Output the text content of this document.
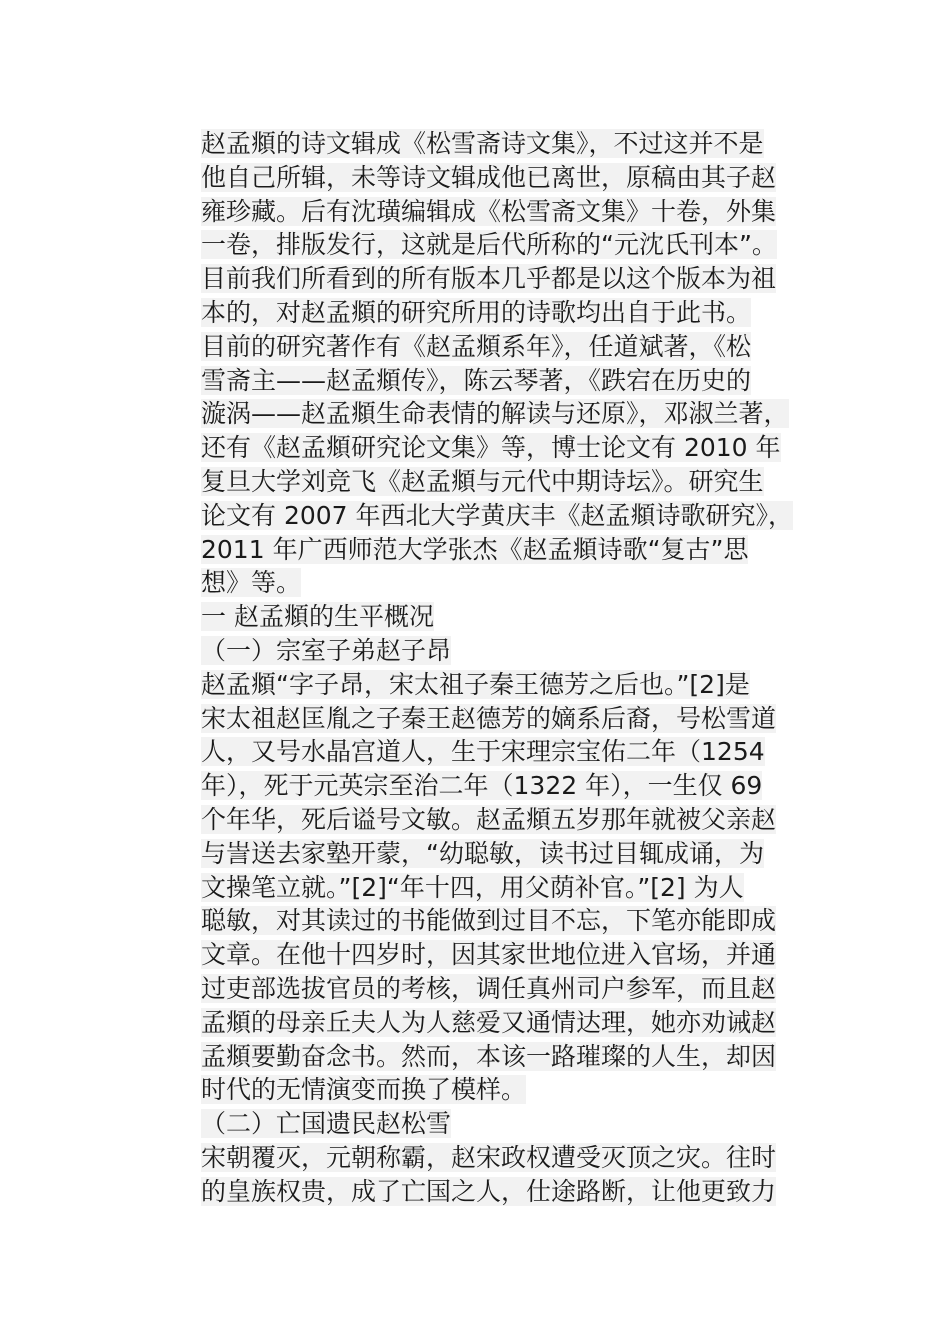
赵孟頫的诗文辑成《松雪斋诗文集》，不过这并不是
他自己所辑，未等诗文辑成他已离世，原稿由其子赵
雍珍藏。后有沈璜编辑成《松雪斋文集》十卷，外集
一卷，排版发行，这就是后代所称的“元沈氏刊本”。
目前我们所看到的所有版本几乎都是以这个版本为祖
本的，对赵孟頫的研究所用的诗歌均出自于此书。
目前的研究著作有《赵孟頫系年》，任道斌著，《松
雪斋主——赵孟頫传》，陈云琴著，《跌宕在历史的
漩涡——赵孟頫生命表情的解读与还原》，邓淑兰著，
还有《赵孟頫研究论文集》等，博士论文有 2010 年
复旦大学刘竞飞《赵孟頫与元代中期诗坛》。研究生
论文有 2007 年西北大学黄庆丰《赵孟頫诗歌研究》，
2011 年广西师范大学张杰《赵孟頫诗歌“复古”思
想》等。
一 赵孟頫的生平概况
（一）宗室子弟赵子昂
赵孟頫“字子昂，宋太祖子秦王德芳之后也。”[2]是
宋太祖赵匡胤之子秦王赵德芳的嫡系后裔，号松雪道
人，又号水晶宫道人，生于宋理宗宝佑二年（1254
年），死于元英宗至治二年（1322 年），一生仅 69
个年华，死后谥号文敏。赵孟頫五岁那年就被父亲赵
与訔送去家塾开蒙，“幼聪敏，读书过目辄成诵，为
文操笔立就。”[2]“年十四，用父荫补官。”[2] 为人
聪敏，对其读过的书能做到过目不忘，下笔亦能即成
文章。在他十四岁时，因其家世地位进入官场，并通
过吏部选拔官员的考核，调任真州司户参军，而且赵
孟頫的母亲丘夫人为人慈爱又通情达理，她亦劝诫赵
孟頫要勤奋念书。然而，本该一路璀璨的人生，却因
时代的无情演变而换了模样。
（二）亡国遗民赵松雪
宋朝覆灭，元朝称霸，赵宋政权遭受灭顶之灾。往时
的皇族权贵，成了亡国之人，仕途路断，让他更致力
